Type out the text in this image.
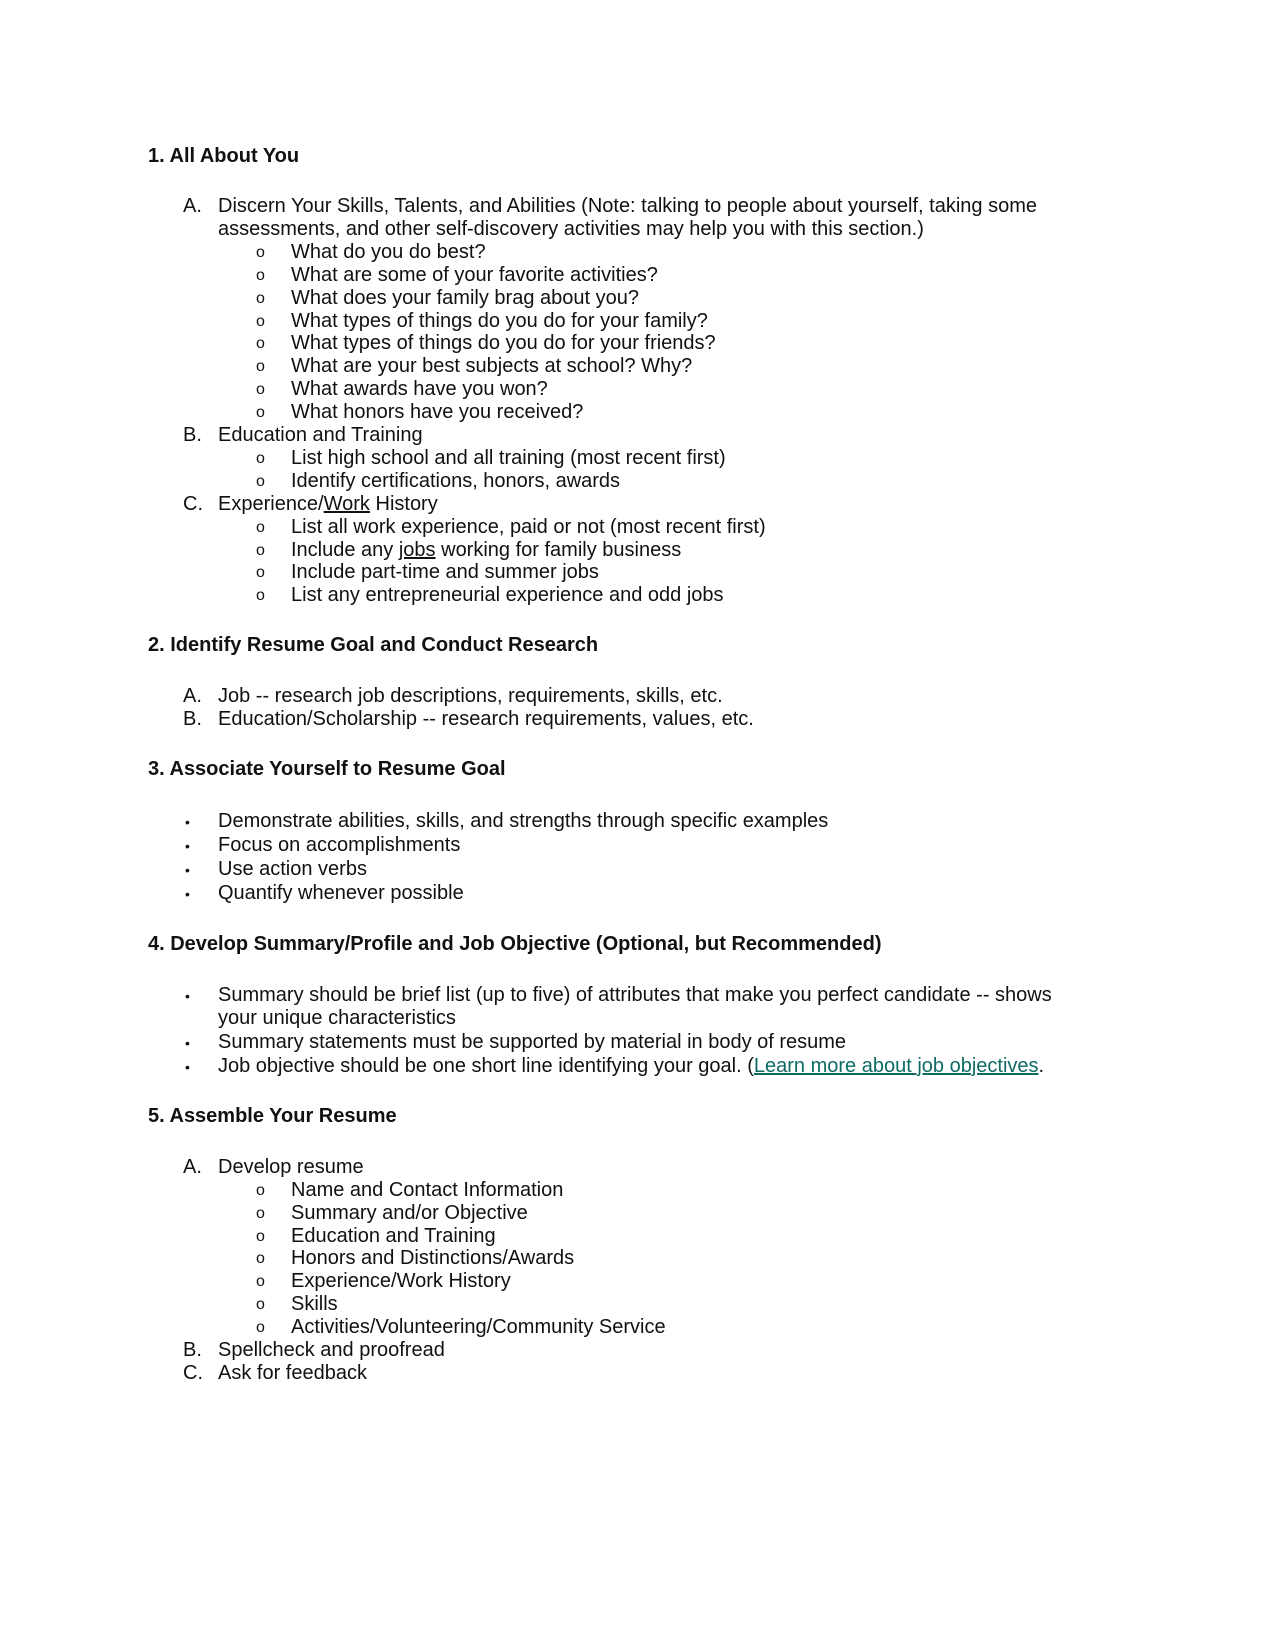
1. All About You
A. Discern Your Skills, Talents, and Abilities (Note: talking to people about yourself, taking some
assessments, and other self-discovery activities may help you with this section.)
o What do you do best?
o What are some of your favorite activities?
o What does your family brag about you?
o What types of things do you do for your family?
o What types of things do you do for your friends?
o What are your best subjects at school? Why?
o What awards have you won?
o What honors have you received?
B. Education and Training
o List high school and all training (most recent first)
o Identify certifications, honors, awards
C. Experience/Work History
o List all work experience, paid or not (most recent first)
o Include any jobs working for family business
o Include part-time and summer jobs
o List any entrepreneurial experience and odd jobs
2. Identify Resume Goal and Conduct Research
A. Job -- research job descriptions, requirements, skills, etc.
B. Education/Scholarship -- research requirements, values, etc.
3. Associate Yourself to Resume Goal
• Demonstrate abilities, skills, and strengths through specific examples
• Focus on accomplishments
• Use action verbs
• Quantify whenever possible
4. Develop Summary/Profile and Job Objective (Optional, but Recommended)
• Summary should be brief list (up to five) of attributes that make you perfect candidate -- shows
your unique characteristics
• Summary statements must be supported by material in body of resume
• Job objective should be one short line identifying your goal. (Learn more about job objectives.
5. Assemble Your Resume
A. Develop resume
o Name and Contact Information
o Summary and/or Objective
o Education and Training
o Honors and Distinctions/Awards
o Experience/Work History
o Skills
o Activities/Volunteering/Community Service
B. Spellcheck and proofread
C. Ask for feedback
